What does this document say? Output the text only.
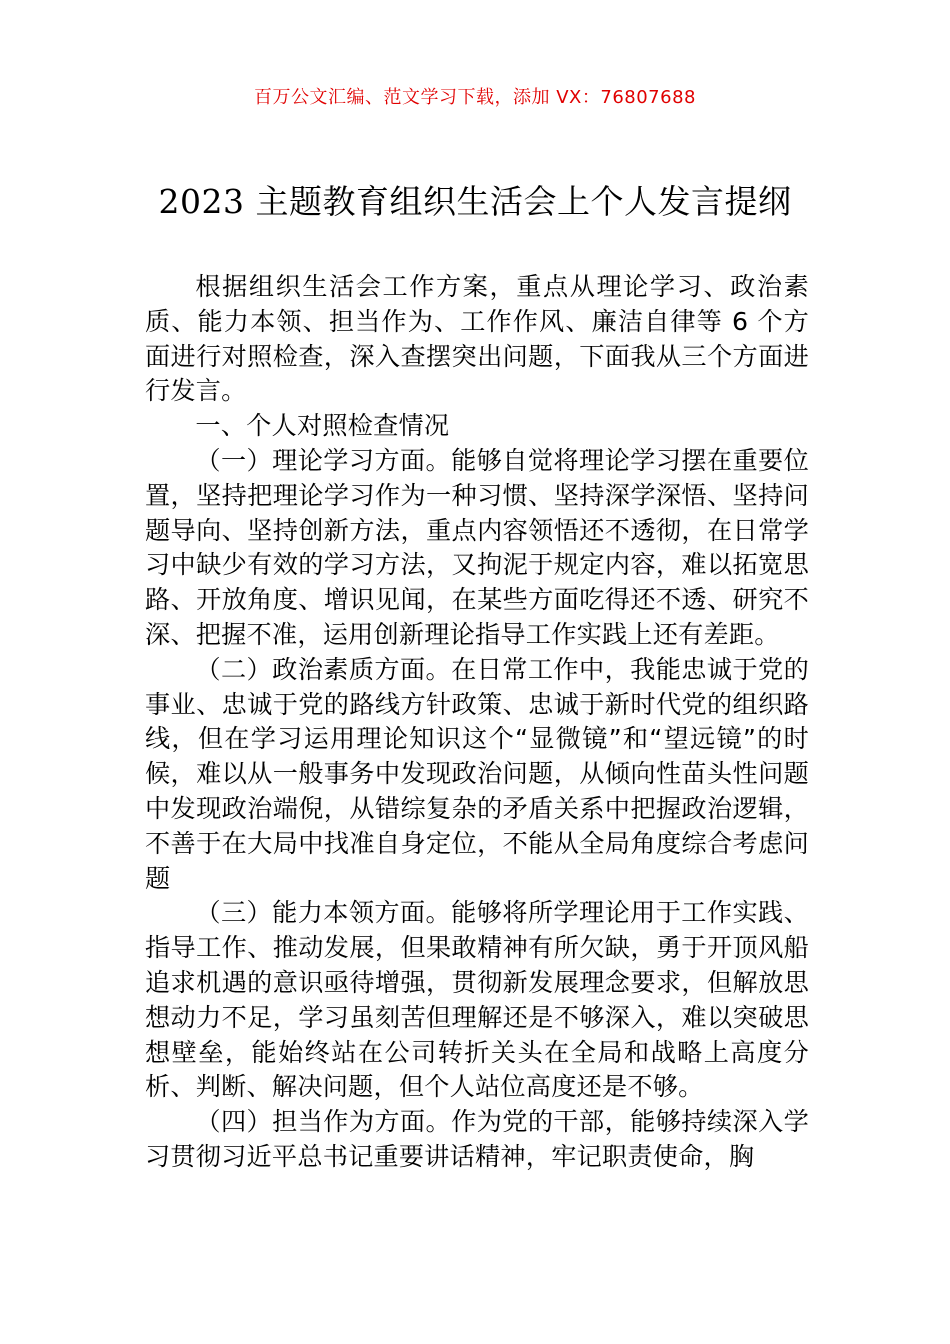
百万公文汇编、范文学习下载，添加 VX：76807688
2023 主题教育组织生活会上个人发言提纲

根据组织生活会工作方案，重点从理论学习、政治素质、能力本领、担当作为、工作作风、廉洁自律等 6 个方面进行对照检查，深入查摆突出问题，下面我从三个方面进行发言。

一、个人对照检查情况

（一）理论学习方面。能够自觉将理论学习摆在重要位置，坚持把理论学习作为一种习惯、坚持深学深悟、坚持问题导向、坚持创新方法，重点内容领悟还不透彻，在日常学习中缺少有效的学习方法，又拘泥于规定内容，难以拓宽思路、开放角度、增识见闻，在某些方面吃得还不透、研究不深、把握不准，运用创新理论指导工作实践上还有差距。

（二）政治素质方面。在日常工作中，我能忠诚于党的事业、忠诚于党的路线方针政策、忠诚于新时代党的组织路线，但在学习运用理论知识这个“显微镜”和“望远镜”的时候，难以从一般事务中发现政治问题，从倾向性苗头性问题中发现政治端倪，从错综复杂的矛盾关系中把握政治逻辑，不善于在大局中找准自身定位，不能从全局角度综合考虑问题

（三）能力本领方面。能够将所学理论用于工作实践、指导工作、推动发展，但果敢精神有所欠缺，勇于开顶风船追求机遇的意识亟待增强，贯彻新发展理念要求，但解放思想动力不足，学习虽刻苦但理解还是不够深入，难以突破思想壁垒，能始终站在公司转折关头在全局和战略上高度分析、判断、解决问题，但个人站位高度还是不够。

（四）担当作为方面。作为党的干部，能够持续深入学习贯彻习近平总书记重要讲话精神，牢记职责使命，胸
